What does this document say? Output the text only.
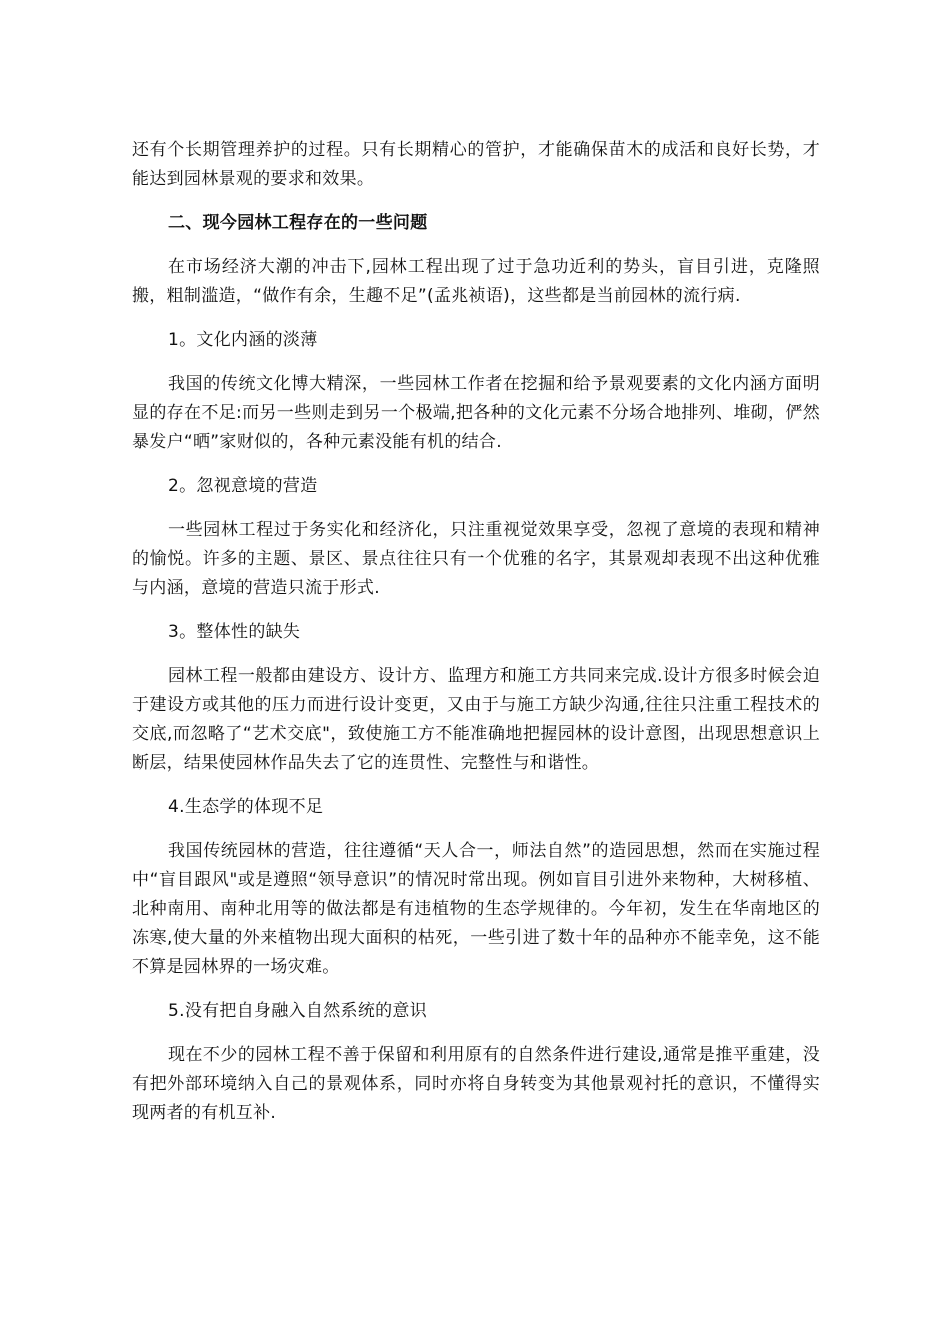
还有个长期管理养护的过程。只有长期精心的管护，才能确保苗木的成活和良好长势，才能达到园林景观的要求和效果。

二、现今园林工程存在的一些问题

在市场经济大潮的冲击下,园林工程出现了过于急功近利的势头，盲目引进，克隆照搬，粗制滥造，“做作有余，生趣不足”(孟兆祯语)，这些都是当前园林的流行病.

1。文化内涵的淡薄

我国的传统文化博大精深，一些园林工作者在挖掘和给予景观要素的文化内涵方面明显的存在不足:而另一些则走到另一个极端,把各种的文化元素不分场合地排列、堆砌，俨然暴发户“晒”家财似的，各种元素没能有机的结合.

2。忽视意境的营造

一些园林工程过于务实化和经济化，只注重视觉效果享受，忽视了意境的表现和精神的愉悦。许多的主题、景区、景点往往只有一个优雅的名字，其景观却表现不出这种优雅与内涵，意境的营造只流于形式.

3。整体性的缺失

园林工程一般都由建设方、设计方、监理方和施工方共同来完成.设计方很多时候会迫于建设方或其他的压力而进行设计变更，又由于与施工方缺少沟通,往往只注重工程技术的交底,而忽略了“艺术交底"，致使施工方不能准确地把握园林的设计意图，出现思想意识上断层，结果使园林作品失去了它的连贯性、完整性与和谐性。

4.生态学的体现不足

我国传统园林的营造，往往遵循“天人合一，师法自然”的造园思想，然而在实施过程中“盲目跟风"或是遵照“领导意识”的情况时常出现。例如盲目引进外来物种，大树移植、北种南用、南种北用等的做法都是有违植物的生态学规律的。今年初，发生在华南地区的冻寒,使大量的外来植物出现大面积的枯死，一些引进了数十年的品种亦不能幸免，这不能不算是园林界的一场灾难。

5.没有把自身融入自然系统的意识

现在不少的园林工程不善于保留和利用原有的自然条件进行建设,通常是推平重建，没有把外部环境纳入自己的景观体系，同时亦将自身转变为其他景观衬托的意识，不懂得实现两者的有机互补.
